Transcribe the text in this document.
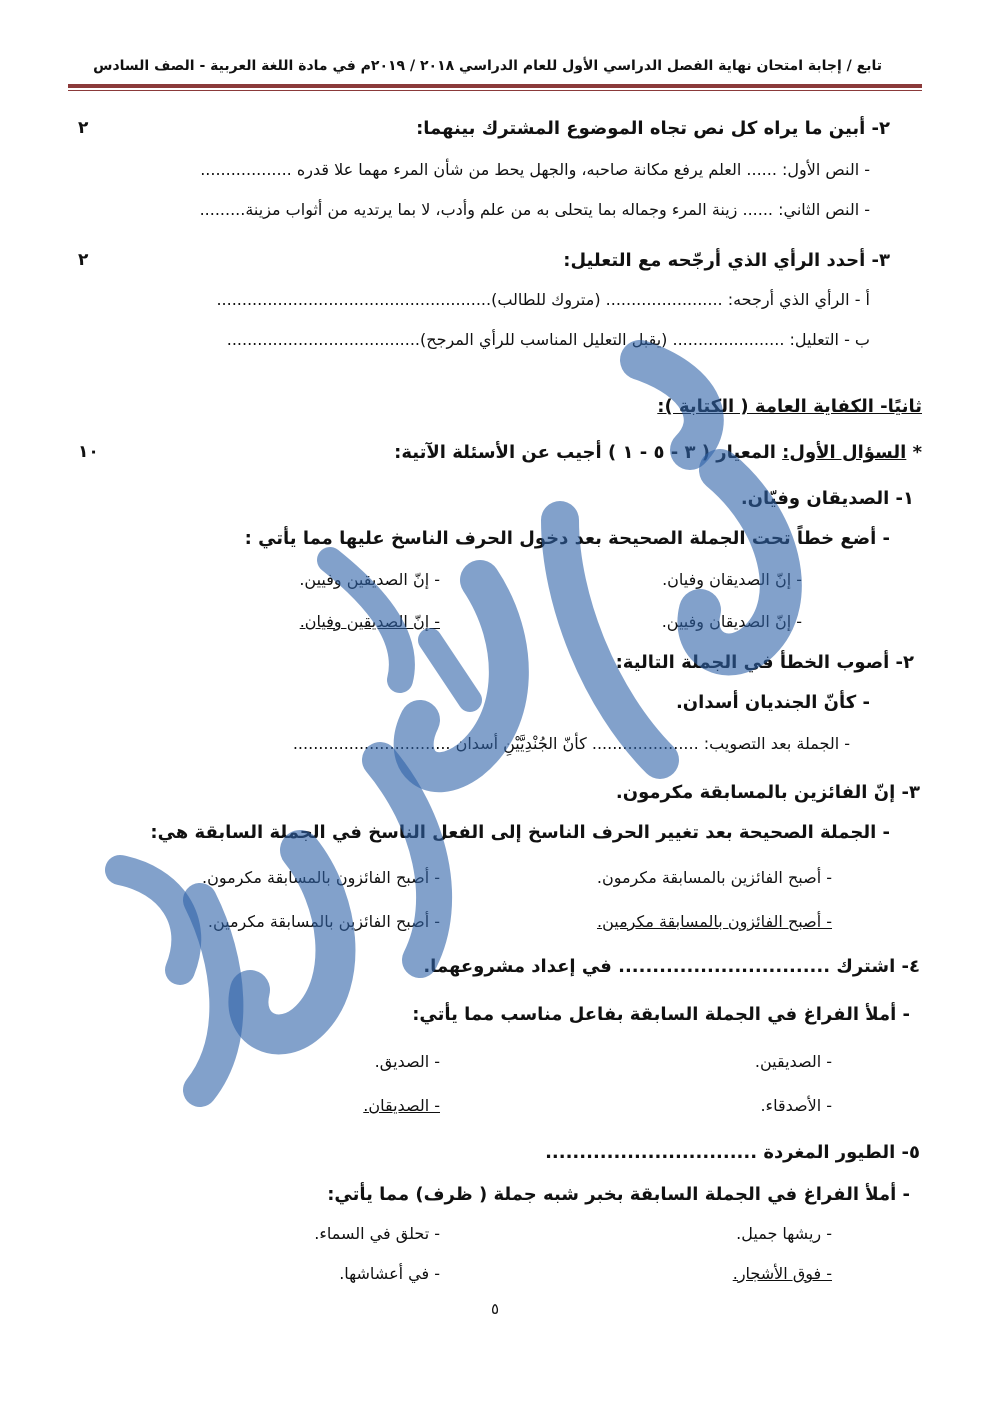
تابع / إجابة امتحان نهاية الفصل الدراسي الأول للعام الدراسي ٢٠١٨ / ٢٠١٩م في مادة اللغة العربية - الصف السادس
٢- أبين ما يراه كل نص تجاه الموضوع المشترك بينهما:
٢
- النص الأول: ...... العلم يرفع مكانة صاحبه، والجهل يحط من شأن المرء مهما علا قدره ..................
- النص الثاني: ...... زينة المرء وجماله بما يتحلى به من علم وأدب، لا بما يرتديه من أثواب مزينة.........
٣- أحدد الرأي الذي أرجّحه مع التعليل:
٢
أ - الرأي الذي أرجحه: ....................... (متروك للطالب)......................................................
ب - التعليل: ...................... (يقبل التعليل المناسب للرأي المرجح)......................................
ثانيًا- الكفاية العامة ( الكتابة ):
* السؤال الأول: المعيار ( ٣ - ٥ - ١ ) أجيب عن الأسئلة الآتية:
١٠
١- الصديقان وفيّان.
- أضع خطاً تحت الجملة الصحيحة بعد دخول الحرف الناسخ عليها مما يأتي :
- إنّ الصديقان وفيان.
- إنّ الصديقين وفيين.
- إنّ الصديقان وفيين.
- إنّ الصديقين وفيان.
٢- أصوب الخطأ في الجملة التالية:
- كأنّ الجنديان أسدان.
- الجملة بعد التصويب: ..................... كأنّ الجُنْدِيَّيْنِ أسدان ...............................
٣- إنّ الفائزين بالمسابقة مكرمون.
- الجملة الصحيحة بعد تغيير الحرف الناسخ إلى الفعل الناسخ في الجملة السابقة هي:
- أصبح الفائزين بالمسابقة مكرمون.
- أصبح الفائزون بالمسابقة مكرمون.
- أصبح الفائزون بالمسابقة مكرمين.
- أصبح الفائزين بالمسابقة مكرمين.
٤- اشترك ............................... في إعداد مشروعهما.
- أملأ الفراغ في الجملة السابقة بفاعل مناسب مما يأتي:
- الصديقين.
- الصديق.
- الأصدقاء.
- الصديقان.
٥- الطيور المغردة ...............................
- أملأ الفراغ في الجملة السابقة بخبر شبه جملة ( ظرف) مما يأتي:
- ريشها جميل.
- تحلق في السماء.
- فوق الأشجار.
- في أعشاشها.
٥
